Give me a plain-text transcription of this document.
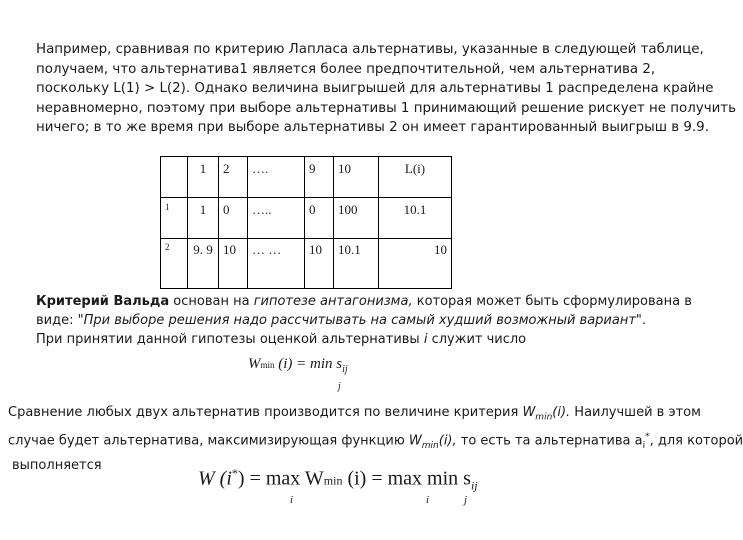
Например, сравнивая по критерию Лапласа альтернативы, указанные в следующей таблице,
получаем, что альтернатива1 является более предпочтительной, чем альтернатива 2,
поскольку L(1) > L(2). Однако величина выигрышей для альтернативы 1 распределена крайне
неравномерно, поэтому при выборе альтернативы 1 принимающий решение рискует не получить
ничего; в то же время при выборе альтернативы 2 он имеет гарантированный выигрыш в 9.9.
	1	2	….	9	10	L(i)
1	1	0	…..	0	100	10.1
2	9. 9	10	… …	10	10.1	10
Критерий Вальда основан на гипотезе антагонизма, которая может быть сформулирована в
виде: "При выборе решения надо рассчитывать на самый худший возможный вариант".
При принятии данной гипотезы оценкой альтернативы i служит число
Wmin $(i) = \min s_{ij}$
j
Сравнение любых двух альтернатив производится по величине критерия $W_{min}(i)$. Наилучшей в этом
случае будет альтернатива, максимизирующая функцию $W_{min}(i)$, то есть та альтернатива $a_i^*$, для которой
выполняется
W (i*) = max Wmin $(i) = \max \min s_{ij}$
i	i	j
